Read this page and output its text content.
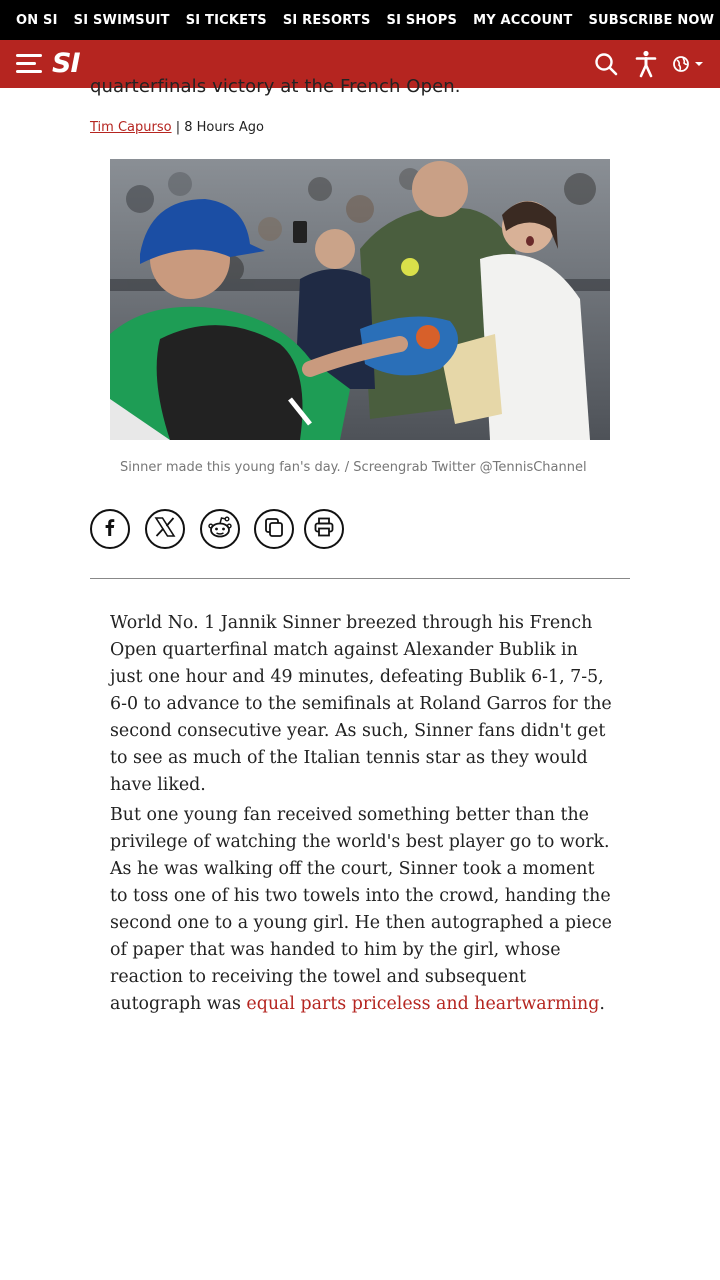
ON SI SI SWIMSUIT SI TICKETS SI RESORTS SI SHOPS MY ACCOUNT SUBSCRIBE NOW
SI
quarterfinals victory at the French Open.
Tim Capurso | 8 Hours Ago
Sinner made this young fan's day. / Screengrab Twitter @TennisChannel

World No. 1 Jannik Sinner breezed through his French Open quarterfinal match against Alexander Bublik in just one hour and 49 minutes, defeating Bublik 6-1, 7-5, 6-0 to advance to the semifinals at Roland Garros for the second consecutive year. As such, Sinner fans didn't get to see as much of the Italian tennis star as they would have liked.

But one young fan received something better than the privilege of watching the world's best player go to work. As he was walking off the court, Sinner took a moment to toss one of his two towels into the crowd, handing the second one to a young girl. He then autographed a piece of paper that was handed to him by the girl, whose reaction to receiving the towel and subsequent autograph was equal parts priceless and heartwarming.
